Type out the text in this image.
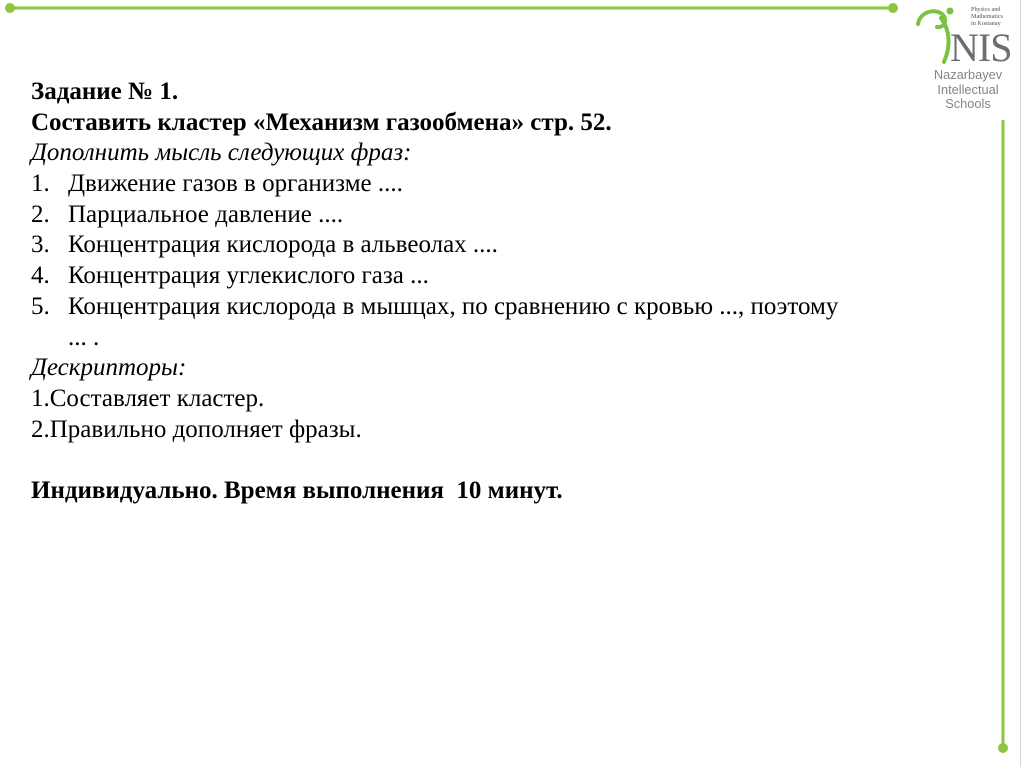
Physics and
Mathematics
in Kostanay
NIS
Nazarbayev
Intellectual
Schools
Задание № 1.
Составить кластер «Механизм газообмена» стр. 52.
Дополнить мысль следующих фраз:
1. Движение газов в организме ....
2. Парциальное давление ....
3. Концентрация кислорода в альвеолах ....
4. Концентрация углекислого газа ...
5. Концентрация кислорода в мышцах, по сравнению с кровью ..., поэтому
... .
Дескрипторы:
1.Составляет кластер.
2.Правильно дополняет фразы.
Индивидуально. Время выполнения  10 минут.
